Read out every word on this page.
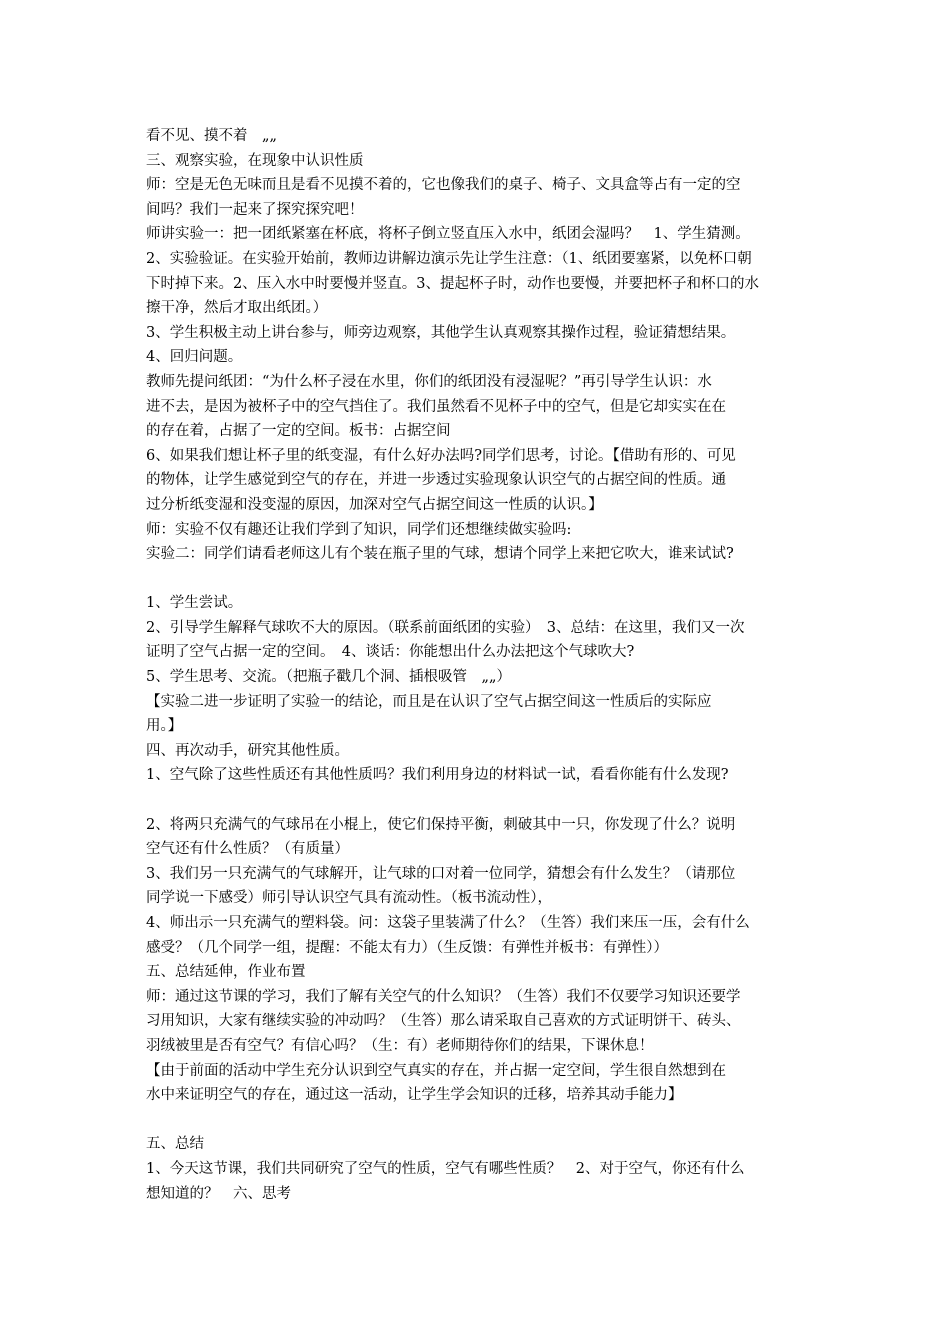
看不见、摸不着　„„
三、观察实验，在现象中认识性质
师：空是无色无味而且是看不见摸不着的，它也像我们的桌子、椅子、文具盒等占有一定的空
间吗？我们一起来了探究探究吧！
师讲实验一：把一团纸紧塞在杯底，将杯子倒立竖直压入水中，纸团会湿吗？　1、学生猜测。
2、实验验证。在实验开始前，教师边讲解边演示先让学生注意：（1、纸团要塞紧，以免杯口朝
下时掉下来。2、压入水中时要慢并竖直。3、提起杯子时，动作也要慢，并要把杯子和杯口的水
擦干净，然后才取出纸团。）
3、学生积极主动上讲台参与，师旁边观察，其他学生认真观察其操作过程，验证猜想结果。
4、回归问题。
教师先提问纸团：“为什么杯子浸在水里，你们的纸团没有浸湿呢？”再引导学生认识：水
进不去，是因为被杯子中的空气挡住了。我们虽然看不见杯子中的空气，但是它却实实在在
的存在着，占据了一定的空间。板书：占据空间
6、如果我们想让杯子里的纸变湿，有什么好办法吗?同学们思考，讨论。【借助有形的、可见
的物体，让学生感觉到空气的存在，并进一步透过实验现象认识空气的占据空间的性质。通
过分析纸变湿和没变湿的原因，加深对空气占据空间这一性质的认识。】
师：实验不仅有趣还让我们学到了知识，同学们还想继续做实验吗:
实验二：同学们请看老师这儿有个装在瓶子里的气球，想请个同学上来把它吹大，谁来试试?
1、学生尝试。
2、引导学生解释气球吹不大的原因。（联系前面纸团的实验）　3、总结：在这里，我们又一次
证明了空气占据一定的空间。　4、谈话：你能想出什么办法把这个气球吹大?
5、学生思考、交流。（把瓶子戳几个洞、插根吸管　„„）
【实验二进一步证明了实验一的结论，而且是在认识了空气占据空间这一性质后的实际应
用。】
四、再次动手，研究其他性质。
1、空气除了这些性质还有其他性质吗？我们利用身边的材料试一试，看看你能有什么发现?
2、将两只充满气的气球吊在小棍上，使它们保持平衡，刺破其中一只，你发现了什么？说明
空气还有什么性质？（有质量）
3、我们另一只充满气的气球解开，让气球的口对着一位同学，猜想会有什么发生？（请那位
同学说一下感受）师引导认识空气具有流动性。（板书流动性），
4、师出示一只充满气的塑料袋。问：这袋子里装满了什么？（生答）我们来压一压，会有什么
感受？（几个同学一组，提醒：不能太有力）（生反馈：有弹性并板书：有弹性））
五、总结延伸，作业布置
师：通过这节课的学习，我们了解有关空气的什么知识？（生答）我们不仅要学习知识还要学
习用知识，大家有继续实验的冲动吗？（生答）那么请采取自己喜欢的方式证明饼干、砖头、
羽绒被里是否有空气？有信心吗？（生：有）老师期待你们的结果，下课休息！
【由于前面的活动中学生充分认识到空气真实的存在，并占据一定空间，学生很自然想到在
水中来证明空气的存在，通过这一活动，让学生学会知识的迁移，培养其动手能力】
五、总结
1、今天这节课，我们共同研究了空气的性质，空气有哪些性质？　2、对于空气，你还有什么
想知道的？　六、思考
